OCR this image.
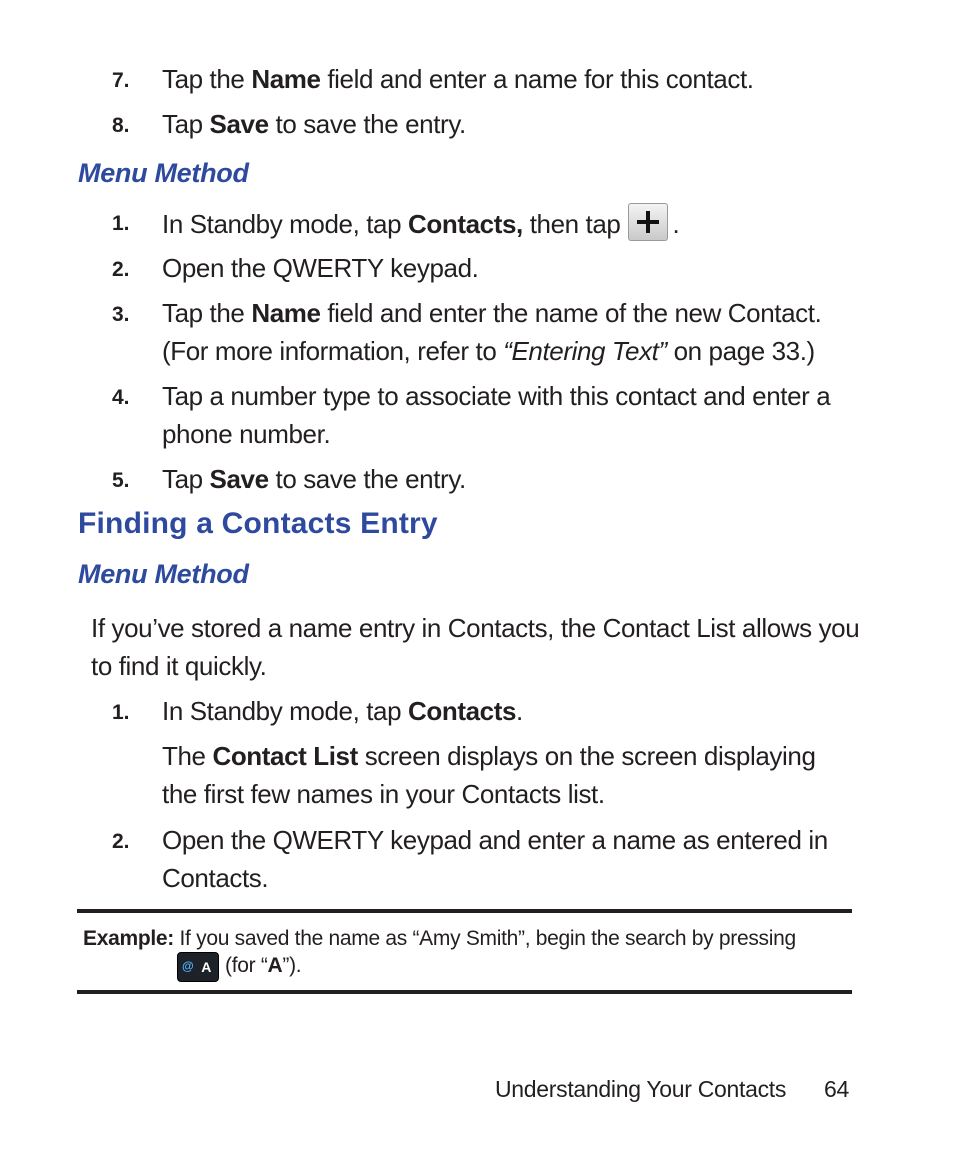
7. Tap the Name field and enter a name for this contact.
8. Tap Save to save the entry.
Menu Method
1. In Standby mode, tap Contacts, then tap .
2. Open the QWERTY keypad.
3. Tap the Name field and enter the name of the new Contact. (For more information, refer to “Entering Text” on page 33.)
4. Tap a number type to associate with this contact and enter a phone number.
5. Tap Save to save the entry.
Finding a Contacts Entry
Menu Method
If you’ve stored a name entry in Contacts, the Contact List allows you to find it quickly.
1. In Standby mode, tap Contacts.
The Contact List screen displays on the screen displaying the first few names in your Contacts list.
2. Open the QWERTY keypad and enter a name as entered in Contacts.
Example: If you saved the name as “Amy Smith”, begin the search by pressing

@ A (for “A”).
Understanding Your Contacts 64
